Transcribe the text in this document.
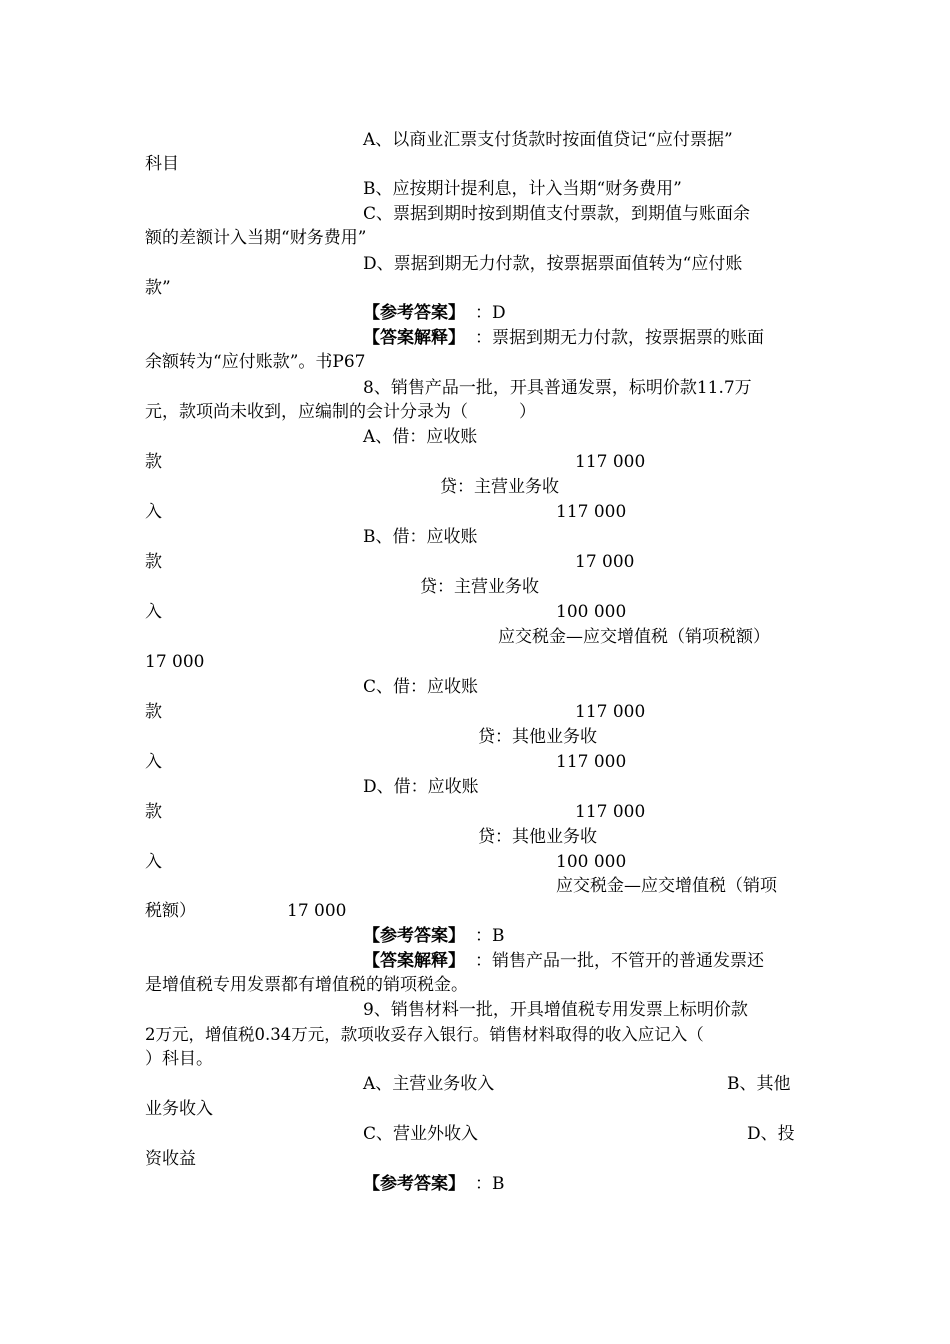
A、以商业汇票支付货款时按面值贷记“应付票据”
科目
B、应按期计提利息，计入当期“财务费用”
C、票据到期时按到期值支付票款，到期值与账面余
额的差额计入当期“财务费用”
D、票据到期无力付款，按票据票面值转为“应付账
款”
【参考答案】 ：D
【答案解释】 ：票据到期无力付款，按票据票的账面
余额转为“应付账款”。书P67
8、销售产品一批，开具普通发票，标明价款11.7万
元，款项尚未收到，应编制的会计分录为（　　　）
A、借：应收账
款	117 000
贷：主营业务收
入	117 000
B、借：应收账
款	17 000
贷：主营业务收
入	100 000
应交税金—应交增值税（销项税额）
17 000
C、借：应收账
款	117 000
贷：其他业务收
入	117 000
D、借：应收账
款	117 000
贷：其他业务收
入	100 000
应交税金—应交增值税（销项
税额）	17 000
【参考答案】 ：B
【答案解释】 ：销售产品一批，不管开的普通发票还
是增值税专用发票都有增值税的销项税金。
9、销售材料一批，开具增值税专用发票上标明价款
2万元，增值税0.34万元，款项收妥存入银行。销售材料取得的收入应记入（
）科目。
A、主营业务收入	B、其他
业务收入
C、营业外收入	D、投
资收益
【参考答案】 ：B
